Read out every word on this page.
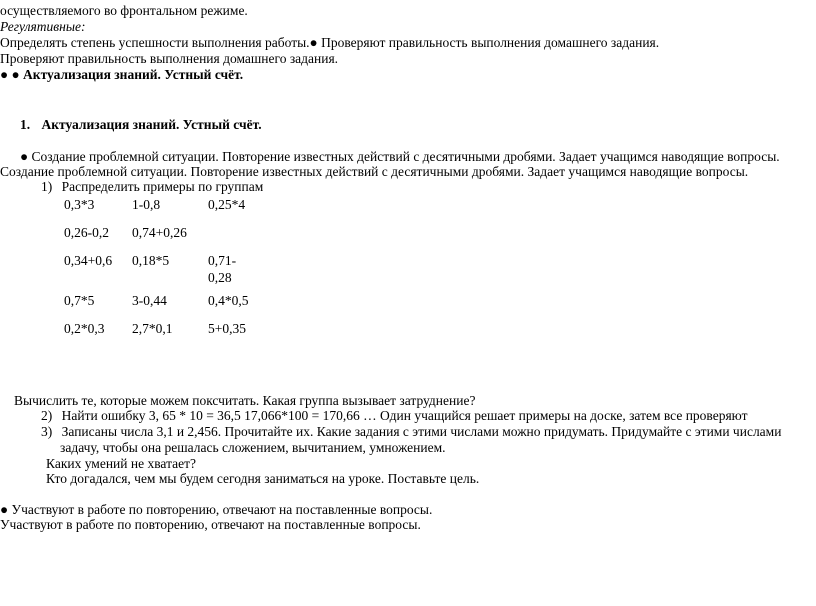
осуществляемого во фронтальном режиме.
Регулятивные:
Определять степень успешности выполнения работы.● Проверяют правильность выполнения домашнего задания.
Проверяют правильность выполнения домашнего задания.
● ● Актуализация знаний. Устный счёт.
1. Актуализация знаний. Устный счёт.
● Создание проблемной ситуации. Повторение известных действий с десятичными дробями. Задает учащимся наводящие вопросы.
Создание проблемной ситуации. Повторение известных действий с десятичными дробями. Задает учащимся наводящие вопросы.
1) Распределить примеры по группам
0,3*3	1-0,8	0,25*4
0,26-0,2	0,74+0,26	
0,34+0,6	0,18*5	0,71-
0,28
0,7*5	3-0,44	0,4*0,5
0,2*0,3	2,7*0,1	5+0,35
Вычислить те, которые можем поксчитать. Какая группа вызывает затруднение?
2) Найти ошибку 3, 65 * 10 = 36,5 17,066*100 = 170,66 … Один учащийся решает примеры на доске, затем все проверяют
3) Записаны числа 3,1 и 2,456. Прочитайте их. Какие задания с этими числами можно придумать. Придумайте с этими числами
задачу, чтобы она решалась сложением, вычитанием, умножением.
Каких умений не хватает?
Кто догадался, чем мы будем сегодня заниматься на уроке. Поставьте цель.
● Участвуют в работе по повторению, отвечают на поставленные вопросы.
Участвуют в работе по повторению, отвечают на поставленные вопросы.
